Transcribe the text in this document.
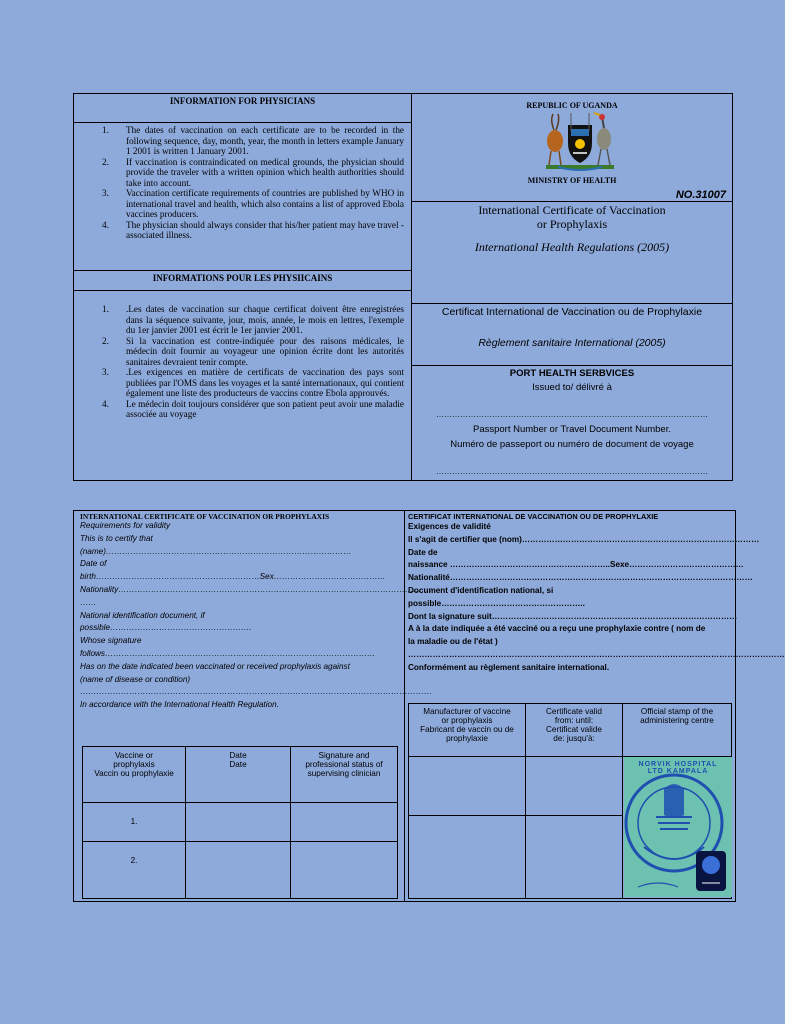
INFORMATION FOR PHYSICIANS
1. The dates of vaccination on each certificate are to be recorded in the following sequence, day, month, year, the month in letters example January 1 2001 is written 1 January 2001.
2. If vaccination is contraindicated on medical grounds, the physician should provide the traveler with a written opinion which health authorities should take into account.
3. Vaccination certificate requirements of countries are published by WHO in international travel and health, which also contains a list of approved Ebola vaccines producers.
4. The physician should always consider that his/her patient may have travel -associated illness.
INFORMATIONS POUR LES PHYSIICAINS
1. .Les dates de vaccination sur chaque certificat doivent être enregistrées dans la séquence suivante, jour, mois, année, le mois en lettres, l'exemple du 1er janvier 2001 est écrit le 1er janvier 2001.
2. Si la vaccination est contre-indiquée pour des raisons médicales, le médecin doit fournir au voyageur une opinion écrite dont les autorités sanitaires devraient tenir compte.
3. .Les exigences en matière de certificats de vaccination des pays sont publiées par l'OMS dans les voyages et la santé internationaux, qui contient également une liste des producteurs de vaccins contre Ebola approuvés.
4. Le médecin doit toujours considérer que son patient peut avoir une maladie associée au voyage
REPUBLIC OF UGANDA
MINISTRY OF HEALTH
NO.31007
International Certificate of Vaccination
or Prophylaxis
International Health Regulations (2005)
Certificat International de Vaccination ou de Prophylaxie
Règlement sanitaire International (2005)
PORT HEALTH SERBVICES
Issued to/ délivré à
…………………………………………………………………………………………
Passport Number or Travel Document Number.
Numéro de passeport ou numéro de document de voyage
…………………………………………………………………………………………
INTERNATIONAL CERTIFICATE OF VACCINATION OR PROPHYLAXIS
Requirements for validity
This is to certify that
(name)………………………………………………………………………………
Date of
birth……………………………………………………Sex…………………………………..
Nationality…………………………………………………………………………………………………….
……
National identification document, if
possible…………………………………………….
Whose signature
follows………………………………………………………………………………………
Has on the date indicated been vaccinated or received prophylaxis against
(name of disease or condition)
…………………………………………………………………………………………………………………
In accordance with the International Health Regulation.
Vaccine or
prophylaxis
Vaccin ou prophylaxie
Date
Date
Signature and
professional status of
supervising clinician
1.
2.
CERTIFICAT INTERNATIONAL DE VACCINATION OU DE PROPHYLAXIE
Exigences de validité
Il s'agit de certifier que (nom)……………………………………………………………………………
Date de
naissance …………………………………………………..Sexe……………………………………
Nationalité…………………………………………………………………………………………………
Document d'identification national, si
possible……………………………………………..
Dont la signature suit………………………………………………………………………………
A à la date indiquée a été vacciné ou a reçu une prophylaxie contre ( nom de
la maladie ou de l'état )
…………………………………………………………………………………………………………………………
Conformément au règlement sanitaire international.
Manufacturer of vaccine
or prophylaxis
Fabricant de vaccin ou de
prophylaxie
Certificate valid
from: until:
Certificat valide
de: jusqu'à:
Official stamp of the
administering centre
NORVIK HOSPITAL LTD KAMPALA
